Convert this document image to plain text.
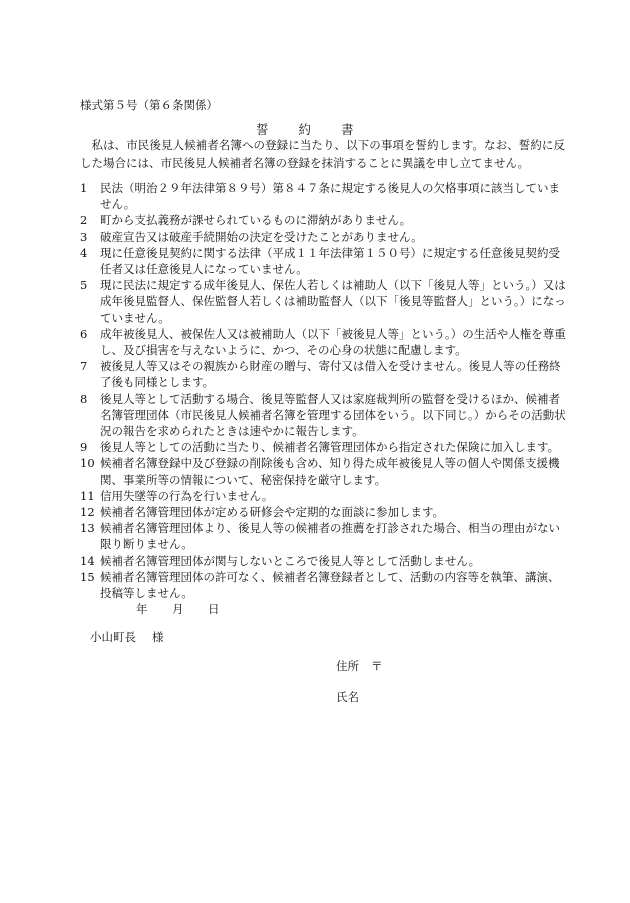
様式第５号（第６条関係）
誓約書

私は、市民後見人候補者名簿への登録に当たり、以下の事項を誓約します。なお、誓約に反した場合には、市民後見人候補者名簿の登録を抹消することに異議を申し立てません。

1	民法（明治２９年法律第８９号）第８４７条に規定する後見人の欠格事項に該当していません。
2	町から支払義務が課せられているものに滞納がありません。
3	破産宣告又は破産手続開始の決定を受けたことがありません。
4	現に任意後見契約に関する法律（平成１１年法律第１５０号）に規定する任意後見契約受任者又は任意後見人になっていません。
5	現に民法に規定する成年後見人、保佐人若しくは補助人（以下「後見人等」という。）又は成年後見監督人、保佐監督人若しくは補助監督人（以下「後見等監督人」という。）になっていません。
6	成年被後見人、被保佐人又は被補助人（以下「被後見人等」という。）の生活や人権を尊重し、及び損害を与えないように、かつ、その心身の状態に配慮します。
7	被後見人等又はその親族から財産の贈与、寄付又は借入を受けません。後見人等の任務終了後も同様とします。
8	後見人等として活動する場合、後見等監督人又は家庭裁判所の監督を受けるほか、候補者名簿管理団体（市民後見人候補者名簿を管理する団体をいう。以下同じ。）からその活動状況の報告を求められたときは速やかに報告します。
9	後見人等としての活動に当たり、候補者名簿管理団体から指定された保険に加入します。
10 候補者名簿登録中及び登録の削除後も含め、知り得た成年被後見人等の個人や関係支援機関、事業所等の情報について、秘密保持を厳守します。
11 信用失墜等の行為を行いません。
12 候補者名簿管理団体が定める研修会や定期的な面談に参加します。
13 候補者名簿管理団体より、後見人等の候補者の推薦を打診された場合、相当の理由がない限り断りません。
14 候補者名簿管理団体が関与しないところで後見人等として活動しません。
15 候補者名簿管理団体の許可なく、候補者名簿登録者として、活動の内容等を執筆、講演、投稿等しません。
年 月 日
小山町長 様
住所 〒
氏名
